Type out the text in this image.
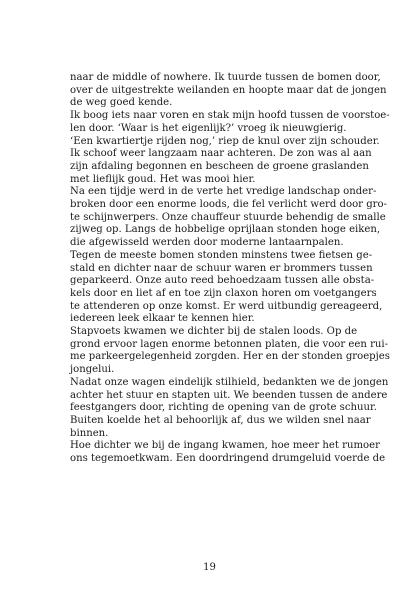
naar de middle of nowhere. Ik tuurde tussen de bomen door,
over de uitgestrekte weilanden en hoopte maar dat de jongen
de weg goed kende.
Ik boog iets naar voren en stak mijn hoofd tussen de voorstoe-
len door. ‘Waar is het eigenlijk?’ vroeg ik nieuwgierig.
‘Een kwartiertje rijden nog,’ riep de knul over zijn schouder.
Ik schoof weer langzaam naar achteren. De zon was al aan
zijn afdaling begonnen en bescheen de groene graslanden
met lieflijk goud. Het was mooi hier.
Na een tijdje werd in de verte het vredige landschap onder-
broken door een enorme loods, die fel verlicht werd door gro-
te schijnwerpers. Onze chauffeur stuurde behendig de smalle
zijweg op. Langs de hobbelige oprijlaan stonden hoge eiken,
die afgewisseld werden door moderne lantaarnpalen.
Tegen de meeste bomen stonden minstens twee fietsen ge-
stald en dichter naar de schuur waren er brommers tussen
geparkeerd. Onze auto reed behoedzaam tussen alle obsta-
kels door en liet af en toe zijn claxon horen om voetgangers
te attenderen op onze komst. Er werd uitbundig gereageerd,
iedereen leek elkaar te kennen hier.
Stapvoets kwamen we dichter bij de stalen loods. Op de
grond ervoor lagen enorme betonnen platen, die voor een rui-
me parkeergelegenheid zorgden. Her en der stonden groepjes
jongelui.
Nadat onze wagen eindelijk stilhield, bedankten we de jongen
achter het stuur en stapten uit. We beenden tussen de andere
feestgangers door, richting de opening van de grote schuur.
Buiten koelde het al behoorlijk af, dus we wilden snel naar
binnen.
Hoe dichter we bij de ingang kwamen, hoe meer het rumoer
ons tegemoetkwam. Een doordringend drumgeluid voerde de
19
